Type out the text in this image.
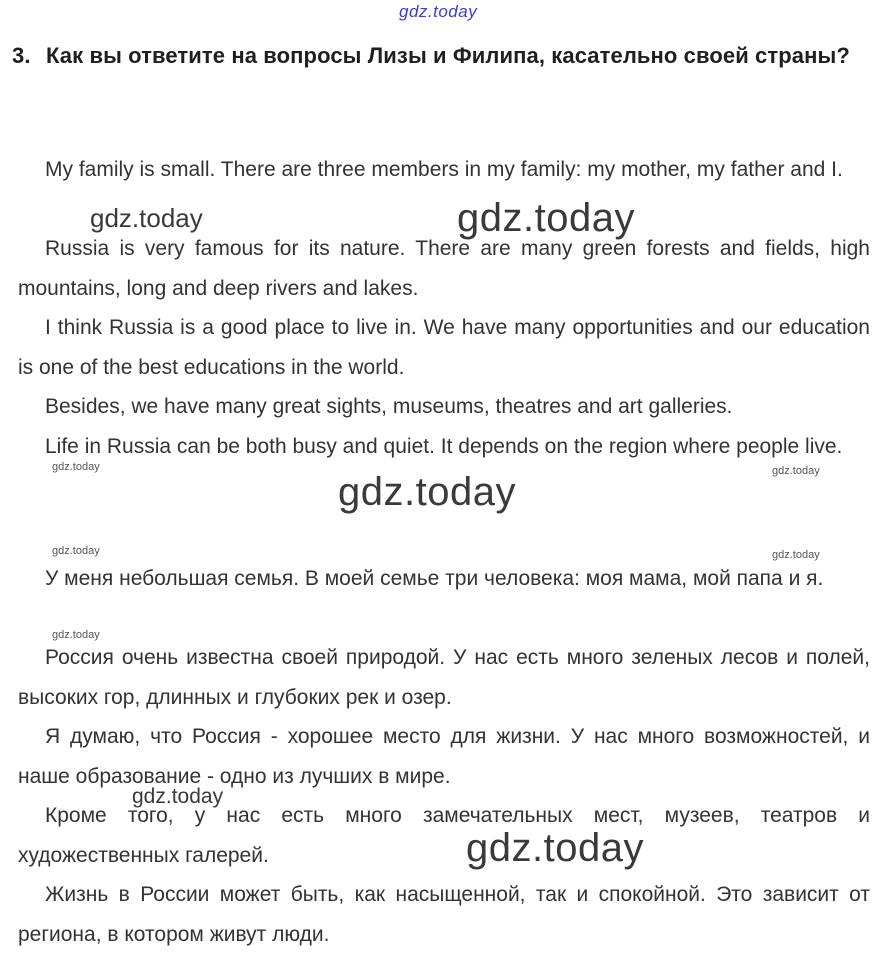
gdz.today
3. Как вы ответите на вопросы Лизы и Филипа, касательно своей страны?

My family is small. There are three members in my family: my mother, my father and I.

Russia is very famous for its nature. There are many green forests and fields, high mountains, long and deep rivers and lakes.

I think Russia is a good place to live in. We have many opportunities and our education is one of the best educations in the world.

Besides, we have many great sights, museums, theatres and art galleries.

Life in Russia can be both busy and quiet. It depends on the region where people live.

У меня небольшая семья. В моей семье три человека: моя мама, мой папа и я.

Россия очень известна своей природой. У нас есть много зеленых лесов и полей, высоких гор, длинных и глубоких рек и озер.

Я думаю, что Россия - хорошее место для жизни. У нас много возможностей, и наше образование - одно из лучших в мире.

Кроме того, у нас есть много замечательных мест, музеев, театров и художественных галерей.

Жизнь в России может быть, как насыщенной, так и спокойной. Это зависит от региона, в котором живут люди.

gdz.today	gdz.today
gdz.today	gdz.today
gdz.today
gdz.today	gdz.today
gdz.today
gdz.today
gdz.today
